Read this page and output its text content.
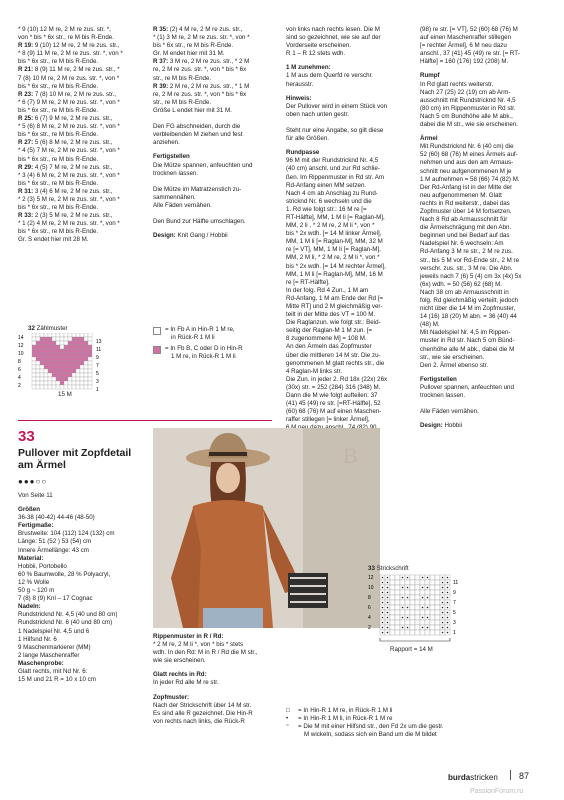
* 9 (10) 12 M re, 2 M re zus. str. *,

von * bis * 6x str., re M bis R-Ende.

R 19: 9 (10) 12 M re, 2 M re zus. str.,

* 8 (9) 11 M re, 2 M re zus. str. *, von *

bis * 6x str., re M bis R-Ende.

R 21: 8 (9) 11 M re, 2 M re zus. str., *

7 (8) 10 M re, 2 M re zus. str. *, von *

bis * 6x str., re M bis R-Ende.

R 23: 7 (8) 10 M re, 2 M re zus. str.,

* 6 (7) 9 M re, 2 M re zus. str. *, von *

bis * 6x str., re M bis R-Ende.

R 25: 6 (7) 9 M re, 2 M re zus. str.,

* 5 (6) 8 M re, 2 M re zus. str. *, von *

bis * 6x str., re M bis R-Ende.

R 27: 5 (6) 8 M re, 2 M re zus. str.,

* 4 (5) 7 M re, 2 M re zus. str. *, von *

bis * 6x str., re M bis R-Ende.

R 29: 4 (5) 7 M re, 2 M re zus. str.,

* 3 (4) 6 M re, 2 M re zus. str. *, von *

bis * 6x str., re M bis R-Ende.

R 31: 3 (4) 6 M re, 2 M re zus. str.,

* 2 (3) 5 M re, 2 M re zus. str. *, von *

bis * 6x str., re M bis R-Ende.

R 33: 2 (3) 5 M re, 2 M re zus. str.,

* 1 (2) 4 M re, 2 M re zus. str. *, von *

bis * 6x str., re M bis R-Ende.

Gr. S endet hier mit 28 M.

32 Zählmuster
14
12
10
8
6
4
2
13
11
9
7
5
3
1
15 M

R 35: (2) 4 M re, 2 M re zus. str.,

* (1) 3 M re, 2 M re zus. str. *, von *

bis * 6x str., re M bis R-Ende.

Gr. M endet hier mit 31 M.

R 37: 3 M re, 2 M re zus. str., * 2 M

re, 2 M re zus. str. *, von * bis * 6x

str., re M bis R-Ende.

R 39: 2 M re, 2 M re zus. str., * 1 M

re, 2 M re zus. str. *, von * bis * 6x

str., re M bis R-Ende.

Größe L endet hier mit 31 M.

Den FG abschneiden, durch die

verbleibenden M ziehen und fest

anziehen.

Fertigstellen

Die Mütze spannen, anfeuchten und

trocknen lassen.

Die Mütze im Matratzenstich zu-

sammennähen.

Alle Fäden vernähen.

Den Bund zur Hälfte umschlagen.

Design: Knit Gang / Hobbii

= In Fb A in Hin-R 1 M re,
in Rück-R 1 M li
= In Fb B, C oder D in Hin-R
1 M re, in Rück-R 1 M li

von links nach rechts lesen. Die M

sind so gezeichnet, wie sie auf der

Vorderseite erscheinen.

R 1 – R 12 stets wdh.

1 M zunehmen:

1 M aus dem Querfd re verschr.

herausstr.

Hinweis:

Der Pullover wird in einem Stück von

oben nach unten gestr.

Steht nur eine Angabe, so gilt diese

für alle Größen.

Rundpasse

96 M mit der Rundstricknd Nr. 4,5

(40 cm) anschl. und zur Rd schlie-

ßen. Im Rippenmuster in Rd str. Am

Rd-Anfang einen MM setzen.

Nach 4 cm ab Anschlag zu Rund-

stricknd Nr. 6 wechseln und die

1. Rd wie folgt str.: 16 M re [=

RT-Hälfte], MM, 1 M li [= Raglan-M],

MM, 2 li , * 2 M re, 2 M li *, von *

bis * 2x wdh. [= 14 M linker Ärmel],

MM, 1 M li [= Raglan-M], MM, 32 M

re [= VT], MM, 1 M li [= Raglan-M],

MM, 2 M li, * 2 M re, 2 M li *, von *

bis * 2x wdh. [= 14 M rechter Ärmel],

MM, 1 M li [= Raglan-M], MM, 16 M

re [= RT-Hälfte].

In der folg. Rd 4 Zun., 1 M am

Rd-Anfang, 1 M am Ende der Rd [=

Mitte RT] und 2 M gleichmäßig ver-

teilt in der Mitte des VT = 100 M.

Die Raglanzun. wie folgt str.: Beid-

seitig der Raglan-M 1 M zun. [=

8 zugenommene M] = 108 M.

An den Ärmeln das Zopfmuster

über die mittleren 14 M str. Die zu-

genommenen M glatt rechts str., die

4 Raglan-M links str.

Die Zun. in jeder 2. Rd 18x (22x) 26x

(30x) str. = 252 (284) 316 (348) M.

Dann die M wie folgt aufteilen: 37

(41) 45 (49) re str. [=RT-Hälfte], 52

(60) 68 (76) M auf einen Maschen-

raffer stillegen [= linker Ärmel],

(98) re str. [= VT], 52 (60) 68 (76) M

auf einen Maschenraffer stillegen

[= rechter Ärmel], 6 M neu dazu

anschl., 37 (41) 45 (49) re str. [= RT-

Hälfte] = 160 (176) 192 (208) M.

Rumpf

In Rd glatt rechts weiterstr.

Nach 27 (25) 22 (19) cm ab Arm-

ausschnitt mit Rundstricknd Nr. 4,5

(80 cm) im Rippenmuster in Rd str.

Nach 5 cm Bundhöhe alle M abk.,

dabei die M str., wie sie erscheinen.

Ärmel

Mit Rundstricknd Nr. 6 (40 cm) die

52 (60) 68 (76) M eines Ärmels auf-

nehmen und aus den am Armaus-

schnitt neu aufgenommenen M je

1 M aufnehmen = 58 (66) 74 (82) M.

Der Rd-Anfang ist in der Mitte der

neu aufgenommenen M. Glatt

rechts in Rd weiterstr., dabei das

Zopfmuster über 14 M fortsetzen.

Nach 8 Rd ab Armausschnitt für

die Ärmelschrägung mit den Abn.

beginnen und bei Bedarf auf das

Nadelspiel Nr. 6 wechseln: Am

Rd-Anfang 3 M re str., 2 M re zus.

str., bis 5 M vor Rd-Ende str., 2 M re

verschr. zus. str., 3 M re. Die Abn.

jeweils nach 7 (6) 5 (4) cm 3x (4x) 5x

(6x) wdh. = 50 (56) 62 (68) M.

Nach 38 cm ab Armausschnitt in

folg. Rd gleichmäßig verteilt, jedoch

nicht über die 14 M im Zopfmuster,

14 (16) 18 (20) M abn. = 36 (40) 44

(48) M.

Mit Nadelspiel Nr. 4,5 im Rippen-

muster in Rd str. Nach 5 cm Bünd-

chenhöhe alle M abk., dabei die M

str., wie sie erscheinen.

Den 2. Ärmel ebenso str.

Fertigstellen

Pullover spannen, anfeuchten und

trocknen lassen.

Alle Fäden vernähen.

Design: Hobbii

33
Pullover mit Zopfdetail
am Ärmel
●●●○○

Von Seite 11

Größen

36-38 (40-42) 44-46 (48-50)

Fertigmaße:

Brustweite: 104 (112) 124 (132) cm

Länge: 51 (52 ) 53 (54) cm

Innere Ärmellänge: 43 cm

Material:

Hobbii, Portobello

60 % Baumwolle, 28 % Polyacryl,

12 % Wolle

50 g ~ 120 m

7 (8) 8 (9) Knl – 17 Cognac

Nadeln:

Rundstricknd Nr. 4,5 (40 und 80 cm)

Rundstricknd Nr. 6 (40 und 80 cm)

1 Nadelspiel Nr. 4,5 und 6

1 Hilfsnd Nr. 6

9 Maschenmarkierer (MM)

2 lange Maschenraffer

Maschenprobe:

Glatt rechts, mit Nd Nr. 6:

15 M und 21 R = 10 x 10 cm

B

Rippenmuster in R / Rd:

* 2 M re, 2 M li *, von * bis * stets

wdh. In den Rd: M in R / Rd die M str.,

wie sie erscheinen.

Glatt rechts in Rd:

In jeder Rd alle M re str.

Zopfmuster:

Nach der Strickschrift über 14 M str.

Es sind alle R gezeichnet. Die Hin-R

von rechts nach links, die Rück-R

33 Strickschrift
12
10
8
6
4
2
11
9
7
5
3
1
Rapport = 14 M
□	= In Hin-R 1 M re, in Rück-R 1 M li
•	= In Hin-R 1 M li, in Rück-R 1 M re
⁼	= Die M mit einer Hilfsnd str., den Fd 2x um die gestr.
M wickeln, sodass sich ein Band um die M bildet
burdastricken 87
PassionForum.ru
